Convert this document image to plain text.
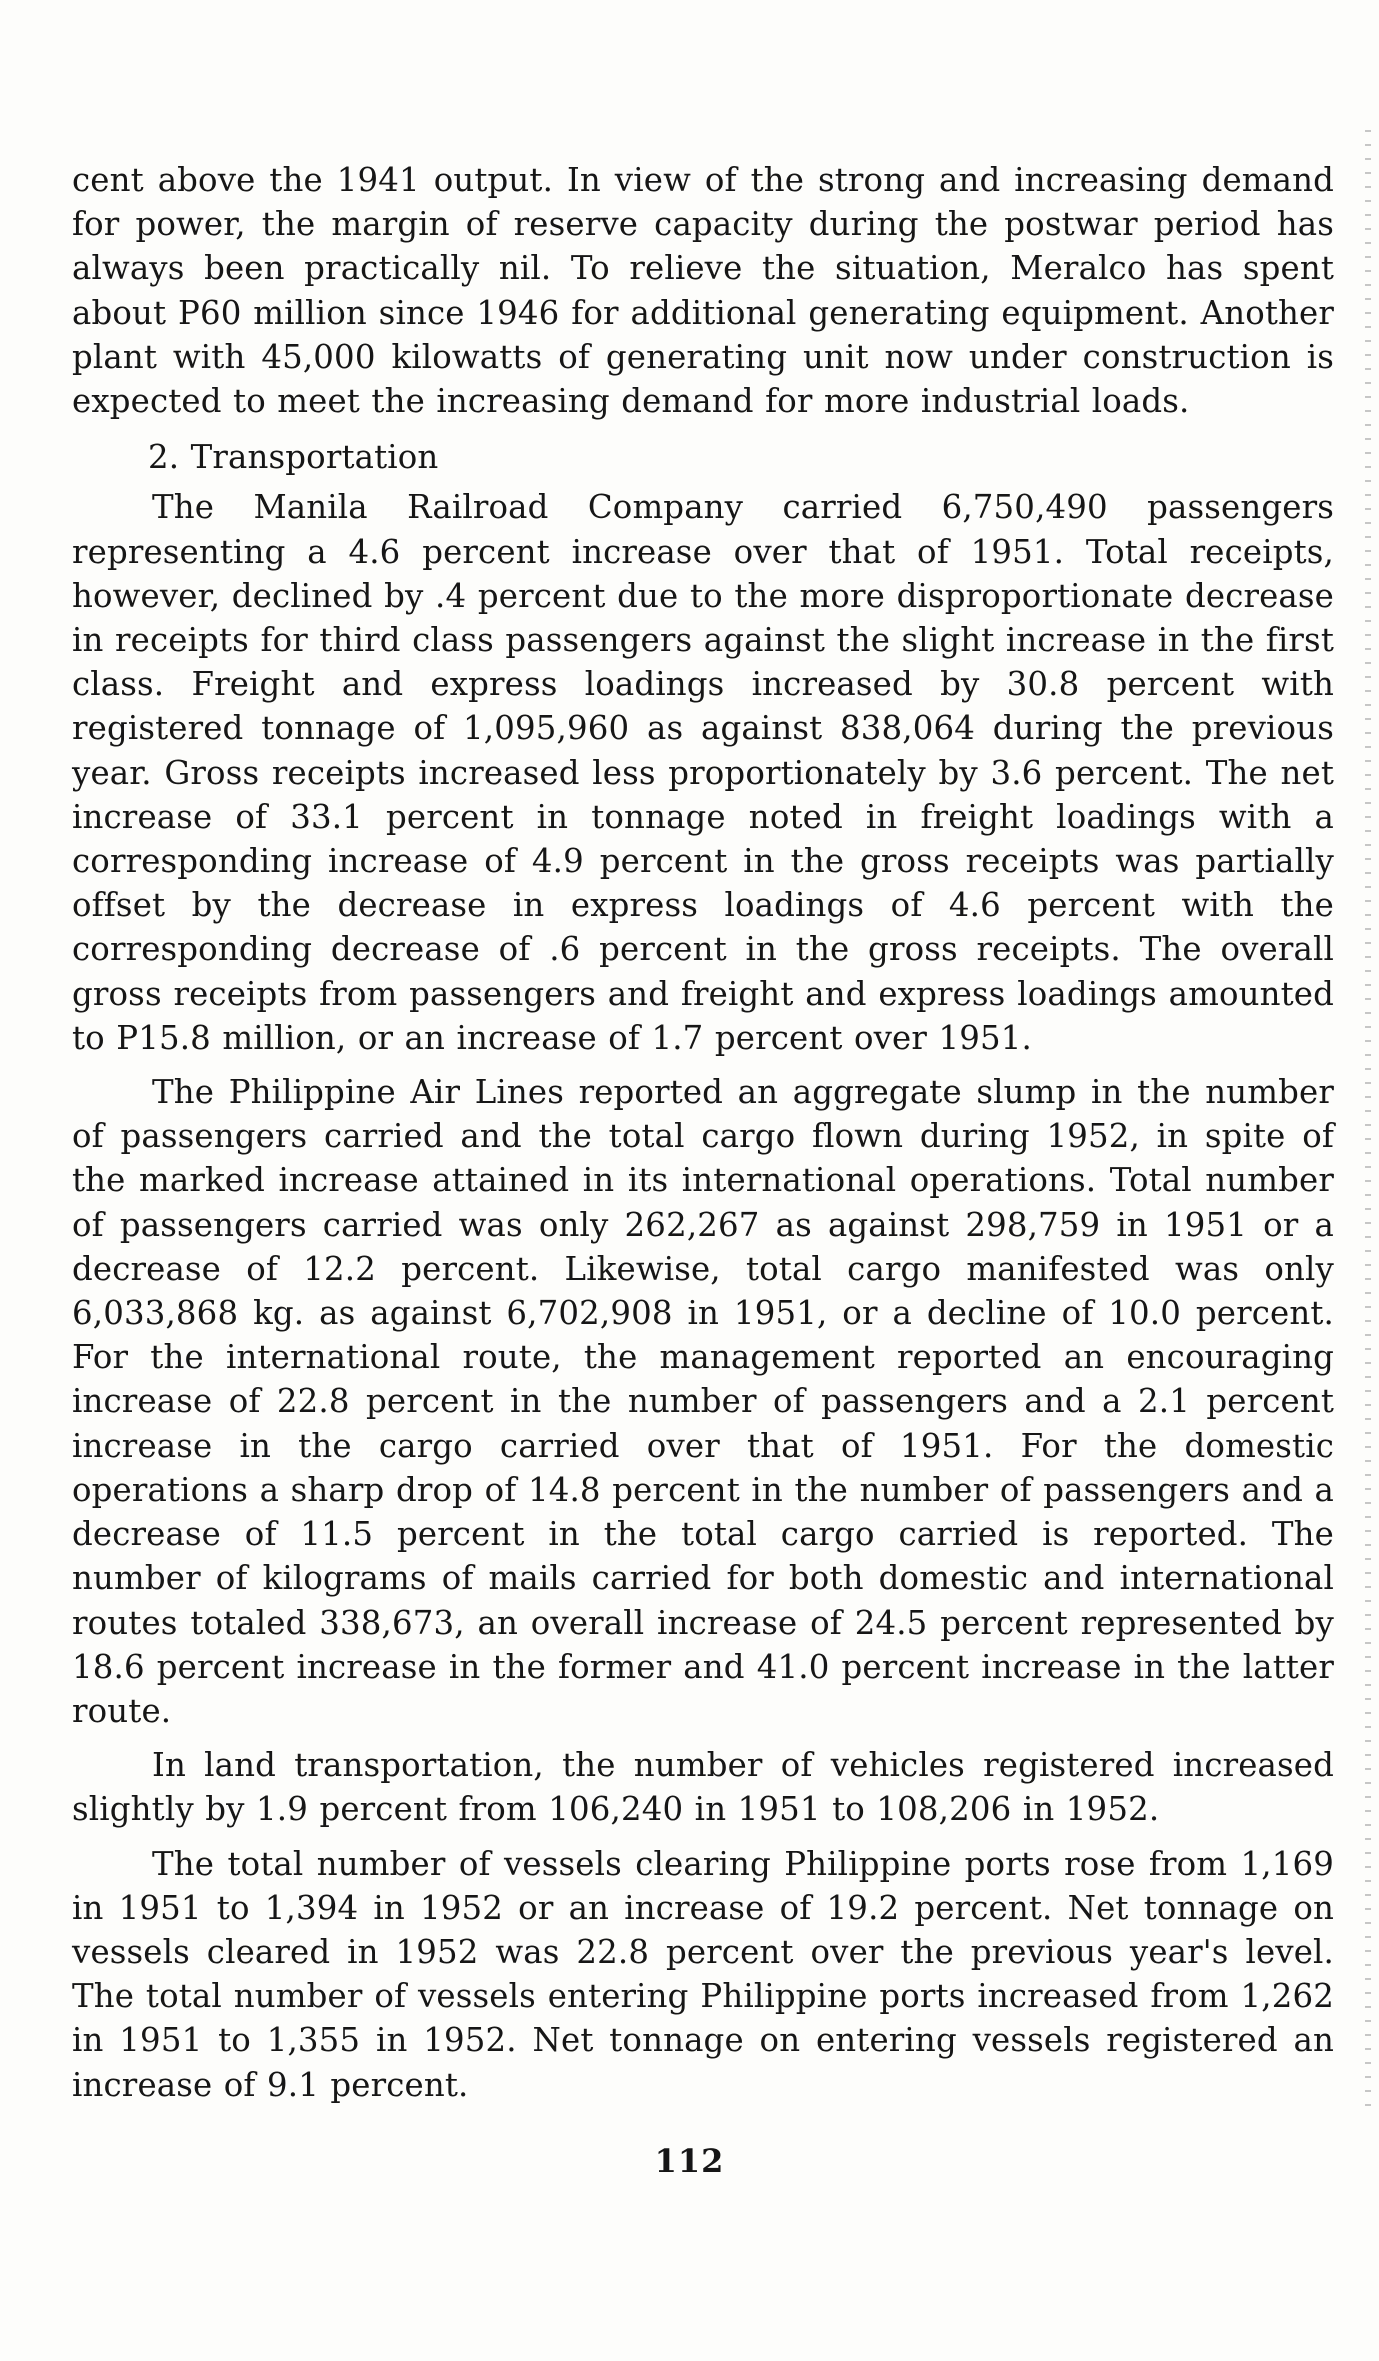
cent above the 1941 output. In view of the strong and increasing demand for power, the margin of reserve capacity during the postwar period has always been practically nil. To relieve the situation, Meralco has spent about P60 million since 1946 for additional generating equipment. Another plant with 45,000 kilowatts of generating unit now under construction is expected to meet the increasing demand for more industrial loads.

2. Transportation

The Manila Railroad Company carried 6,750,490 passengers representing a 4.6 percent increase over that of 1951. Total receipts, however, declined by .4 percent due to the more disproportionate decrease in receipts for third class passengers against the slight increase in the first class. Freight and express loadings increased by 30.8 percent with registered tonnage of 1,095,960 as against 838,064 during the previous year. Gross receipts increased less proportionately by 3.6 percent. The net increase of 33.1 percent in tonnage noted in freight loadings with a corresponding increase of 4.9 percent in the gross receipts was partially offset by the decrease in express loadings of 4.6 percent with the corresponding decrease of .6 percent in the gross receipts. The overall gross receipts from passengers and freight and express loadings amounted to P15.8 million, or an increase of 1.7 percent over 1951.

The Philippine Air Lines reported an aggregate slump in the number of passengers carried and the total cargo flown during 1952, in spite of the marked increase attained in its international operations. Total number of passengers carried was only 262,267 as against 298,759 in 1951 or a decrease of 12.2 percent. Likewise, total cargo manifested was only 6,033,868 kg. as against 6,702,908 in 1951, or a decline of 10.0 percent. For the international route, the management reported an encouraging increase of 22.8 percent in the number of passengers and a 2.1 percent increase in the cargo carried over that of 1951. For the domestic operations a sharp drop of 14.8 percent in the number of passengers and a decrease of 11.5 percent in the total cargo carried is reported. The number of kilograms of mails carried for both domestic and international routes totaled 338,673, an overall increase of 24.5 percent represented by 18.6 percent increase in the former and 41.0 percent increase in the latter route.

In land transportation, the number of vehicles registered increased slightly by 1.9 percent from 106,240 in 1951 to 108,206 in 1952.

The total number of vessels clearing Philippine ports rose from 1,169 in 1951 to 1,394 in 1952 or an increase of 19.2 percent. Net tonnage on vessels cleared in 1952 was 22.8 percent over the previous year's level. The total number of vessels entering Philippine ports increased from 1,262 in 1951 to 1,355 in 1952. Net tonnage on entering vessels registered an increase of 9.1 percent.

112
